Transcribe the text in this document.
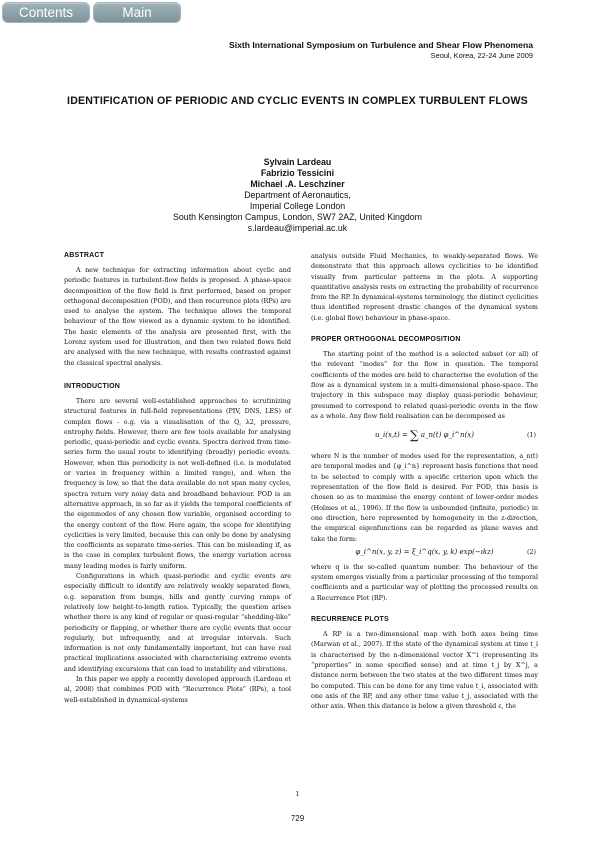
Contents	Main
Sixth International Symposium on Turbulence and Shear Flow Phenomena
Seoul, Korea, 22-24 June 2009
IDENTIFICATION OF PERIODIC AND CYCLIC EVENTS IN COMPLEX TURBULENT FLOWS
Sylvain Lardeau
Fabrizio Tessicini
Michael .A. Leschziner
Department of Aeronautics,
Imperial College London
South Kensington Campus, London, SW7 2AZ, United Kingdom
s.lardeau@imperial.ac.uk
ABSTRACT

A new technique for extracting information about cyclic and periodic features in turbulent-flow fields is proposed. A phase-space decomposition of the flow field is first performed, based on proper orthogonal decomposition (POD), and then recurrence plots (RPs) are used to analyse the system. The technique allows the temporal behaviour of the flow viewed as a dynamic system to be identified. The basic elements of the analysis are presented first, with the Lorenz system used for illustration, and then two related flows field are analysed with the new technique, with results contrasted against the classical spectral analysis.

INTRODUCTION

There are several well-established approaches to scrutinizing structural features in full-field representations (PIV, DNS, LES) of complex flows - e.g. via a visualisation of the Q, λ2, pressure, entrophy fields. However, there are few tools available for analysing periodic, quasi-periodic and cyclic events. Spectra derived from time-series form the usual route to identifying (broadly) periodic events. However, when this periodicity is not well-defined (i.e. is modulated or varies in frequency within a limited range), and when the frequency is low, so that the data available do not span many cycles, spectra return very noisy data and broadband behaviour. POD is an alternative approach, in so far as it yields the temporal coefficients of the eigenmodes of any chosen flow variable, organised according to the energy content of the flow. Here again, the scope for identifying cyclicities is very limited, because this can only be done by analysing the coefficients as separate time-series. This can be misleading if, as is the case in complex turbulent flows, the energy variation across many leading modes is fairly uniform.

Configurations in which quasi-periodic and cyclic events are especially difficult to identify are relatively weakly separated flows, e.g. separation from bumps, hills and gently curving ramps of relatively low height-to-length ratios. Typically, the question arises whether there is any kind of regular or quasi-regular “shedding-like” periodicity or flapping, or whether there are cyclic events that occur regularly, but infrequently, and at irregular intervals. Such information is not only fundamentally important, but can have real practical implications associated with characterising extreme events and identifying excursions that can lead to instability and vibrations.

In this paper we apply a recently developed approach (Lardeau et al, 2008) that combines POD with “Recurrence Plots” (RPs), a tool well-established in dynamical-systems

analysis outside Fluid Mechanics, to weakly-separated flows. We demonstrate that this approach allows cyclicities to be identified visually from particular patterns in the plots. A supporting quantitative analysis rests on extracting the probability of recurrence from the RP. In dynamical-systems terminology, the distinct cyclicities thus identified represent drastic changes of the dynamical system (i.e. global flow) behaviour in phase-space.

PROPER ORTHOGONAL DECOMPOSITION

The starting point of the method is a selected subset (or all) of the relevant “modes” for the flow in question. The temporal coefficients of the modes are held to characterise the evolution of the flow as a dynamical system in a multi-dimensional phase-space. The trajectory in this subspace may display quasi-periodic behaviour, presumed to correspond to related quasi-periodic events in the flow as a whole. Any flow field realisation can be decomposed as

u_i(x,t) = ∑ a_n(t) φ_i^n(x)	(1)

where N is the number of modes used for the representation, a_n(t) are temporal modes and {φ_i^n} represent basis functions that need to be selected to comply with a specific criterion upon which the representation of the flow field is desired. For POD, this basis is chosen so as to maximise the energy content of lower-order modes (Holmes et al., 1996). If the flow is unbounded (infinite, periodic) in one direction, here represented by homogeneity in the z-direction, the empirical eigenfunctions can be regarded as plane waves and take the form:

φ_i^n(x, y, z) = ξ_i^q(x, y, k) exp(−ıkz)	(2)

where q is the so-called quantum number. The behaviour of the system emerges visually from a particular processing of the temporal coefficients and a particular way of plotting the processed results on a Recurrence Plot (RP).

RECURRENCE PLOTS

A RP is a two-dimensional map with both axes being time (Marwan et al., 2007). If the state of the dynamical system at time t_i is characterised by the n-dimensional vector X^i (representing its “properties” in some specified sense) and at time t_j by X^j, a distance norm between the two states at the two different times may be computed. This can be done for any time value t_i, associated with one axis of the RP, and any other time value t_j, associated with the other axis. When this distance is below a given threshold ε, the

1
729
